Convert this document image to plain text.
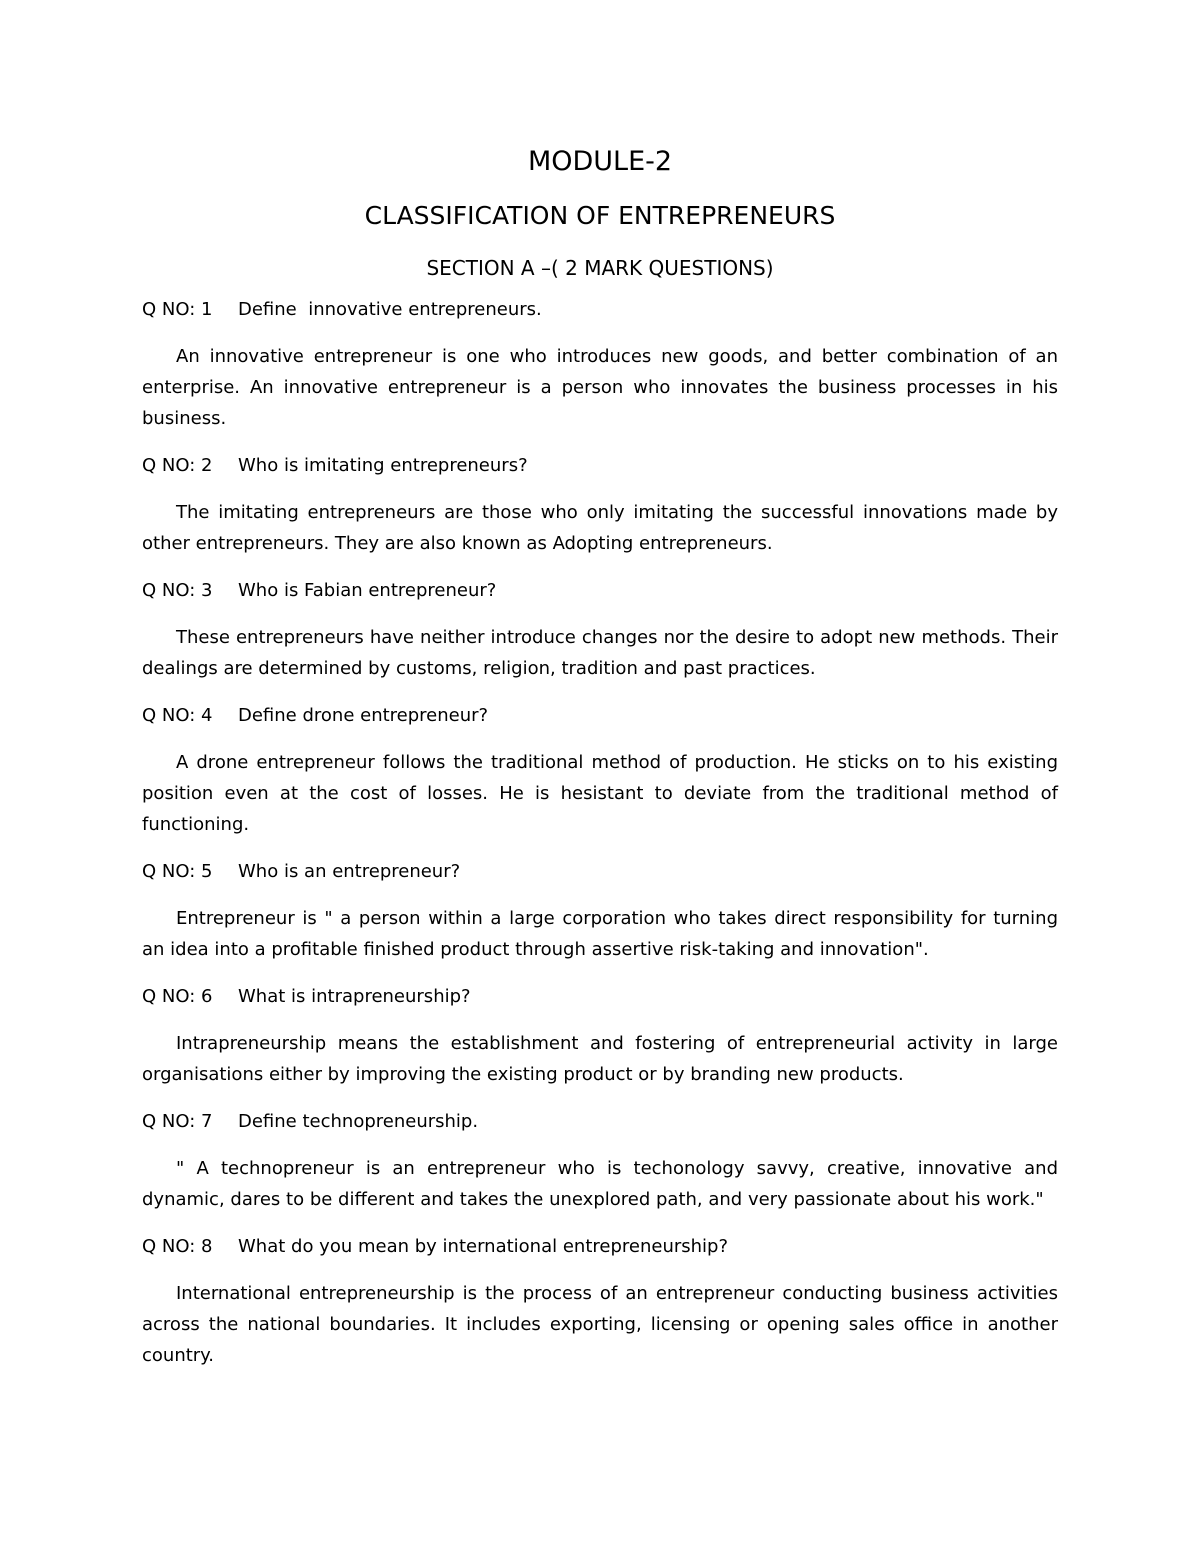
MODULE-2
CLASSIFICATION OF ENTREPRENEURS
SECTION A –( 2 MARK QUESTIONS)

Q NO: 1 Define  innovative entrepreneurs.

An innovative entrepreneur is one who introduces new goods, and better combination of an enterprise. An innovative entrepreneur is a person who innovates the business processes in his business.

Q NO: 2 Who is imitating entrepreneurs?

The imitating entrepreneurs are those who only imitating the successful innovations made by other entrepreneurs. They are also known as Adopting entrepreneurs.

Q NO: 3 Who is Fabian entrepreneur?

These entrepreneurs have neither introduce changes nor the desire to adopt new methods. Their dealings are determined by customs, religion, tradition and past practices.

Q NO: 4 Define drone entrepreneur?

A drone entrepreneur follows the traditional method of production. He sticks on to his existing position even at the cost of losses. He is hesistant to deviate from the traditional method of functioning.

Q NO: 5 Who is an entrepreneur?

Entrepreneur is " a person within a large corporation who takes direct responsibility for turning an idea into a profitable finished product through assertive risk-taking and innovation".

Q NO: 6 What is intrapreneurship?

Intrapreneurship means the establishment and fostering of entrepreneurial activity in large organisations either by improving the existing product or by branding new products.

Q NO: 7 Define technopreneurship.

" A technopreneur is an entrepreneur who is techonology savvy, creative, innovative and dynamic, dares to be different and takes the unexplored path, and very passionate about his work."

Q NO: 8 What do you mean by international entrepreneurship?

International entrepreneurship is the process of an entrepreneur conducting business activities across the national boundaries. It includes exporting, licensing or opening sales office in another country.
